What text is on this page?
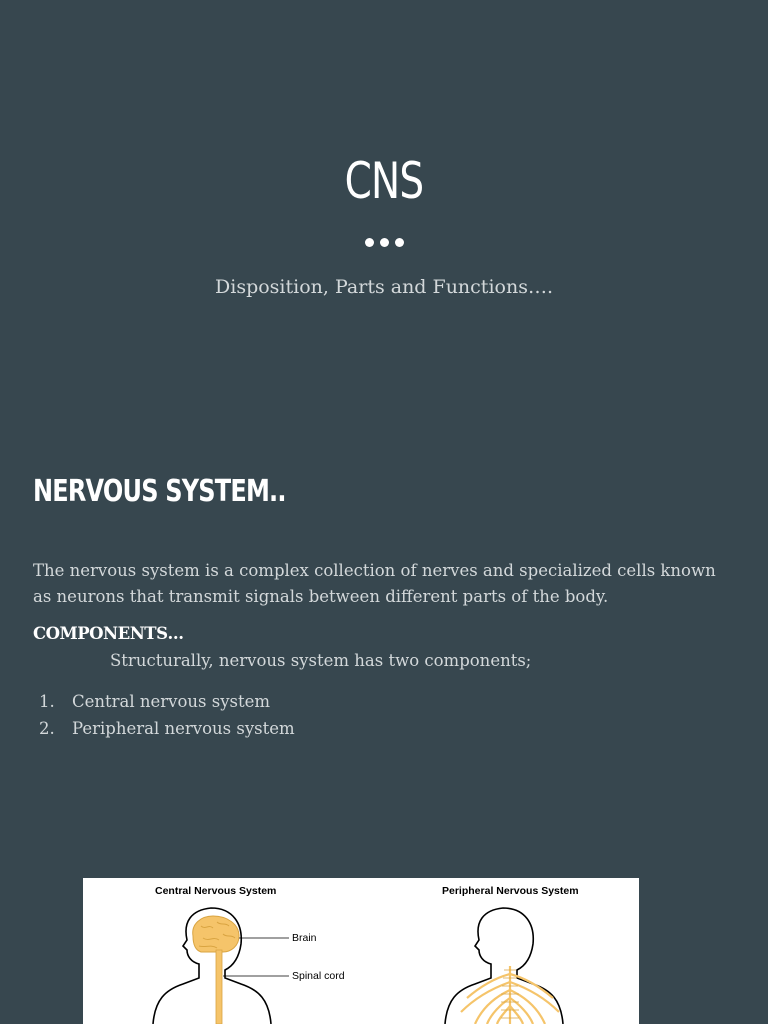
CNS

Disposition, Parts and Functions….

NERVOUS SYSTEM..

The nervous system is a complex collection of nerves and specialized cells known as neurons that transmit signals between different parts of the body.

COMPONENTS…

Structurally, nervous system has two components;

1.	Central nervous system
2.	Peripheral nervous system
Central Nervous System	Peripheral Nervous System
Brain
Spinal cord
